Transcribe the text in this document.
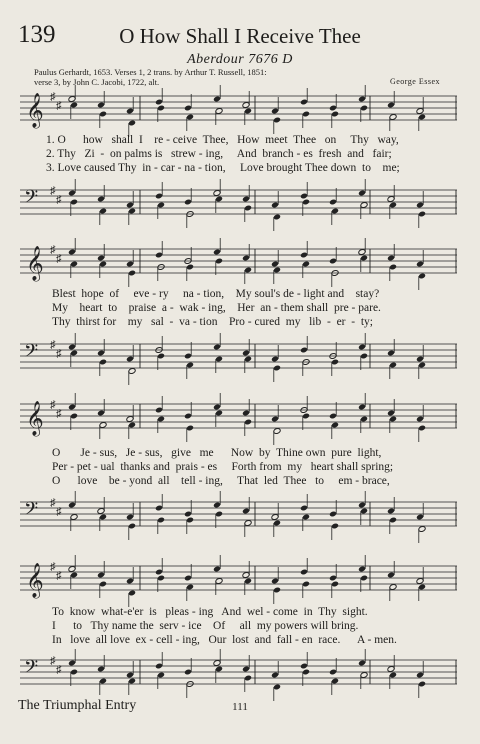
139	O How Shall I Receive Thee
Aberdour 7676 D
Paulus Gerhardt, 1653. Verses 1, 2 trans. by Arthur T. Russell, 1851:
verse 3, by John C. Jacobi, 1722, alt.	George Essex
𝄞 ♯
♯
1. O      how   shall  I    re - ceive  Thee,   How  meet  Thee   on     Thy   way,
2. Thy   Zi  -  on palms is   strew - ing,     And  branch - es  fresh  and   fair;
3. Love caused Thy  in - car - na - tion,     Love brought Thee down  to    me;
𝄢 ♯
♯
𝄞 ♯
♯
Blest  hope  of     eve - ry     na - tion,    My soul's de - light and    stay?
My    heart  to    praise  a -  wak - ing,    Her  an - them shall  pre - pare.
Thy  thirst for    my   sal  -  va - tion    Pro - cured  my   lib  -  er  -  ty;
𝄢 ♯
♯
𝄞 ♯
♯
O       Je - sus,   Je - sus,   give   me      Now  by  Thine own  pure  light,
Per - pet - ual  thanks and  prais - es     Forth from  my   heart shall spring;
O      love    be - yond  all    tell - ing,     That  led  Thee   to     em - brace,
𝄢 ♯
♯
𝄞 ♯
♯
To  know  what-e'er  is   pleas - ing   And  wel - come  in  Thy  sight.
I      to   Thy name the  serv - ice    Of     all  my powers will bring.
In   love  all love  ex - cell - ing,   Our  lost  and  fall - en  race.      A - men.
𝄢 ♯
♯
The Triumphal Entry	111
